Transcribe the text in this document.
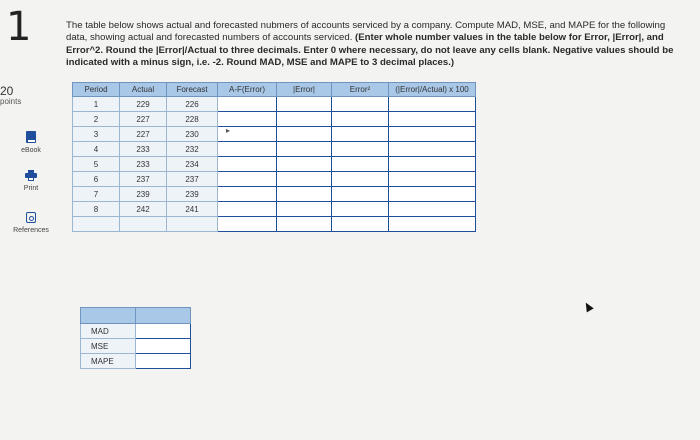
1
20
points
eBook
Print
References
The table below shows actual and forecasted nubmers of accounts serviced by a company. Compute MAD, MSE, and MAPE for the following data, showing actual and forecasted numbers of accounts serviced. (Enter whole number values in the table below for Error, |Error|, and Error^2. Round the |Error|/Actual to three decimals. Enter 0 where necessary, do not leave any cells blank. Negative values should be indicated with a minus sign, i.e. -2. Round MAD, MSE and MAPE to 3 decimal places.)
Period	Actual	Forecast	A-F(Error)	|Error|	Error²	(|Error|/Actual) x 100
1	229	226				
2	227	228				
3	227	230				
4	233	232				
5	233	234				
6	237	237				
7	239	239				
8	242	241				

▸

MAD	
MSE	
MAPE	
